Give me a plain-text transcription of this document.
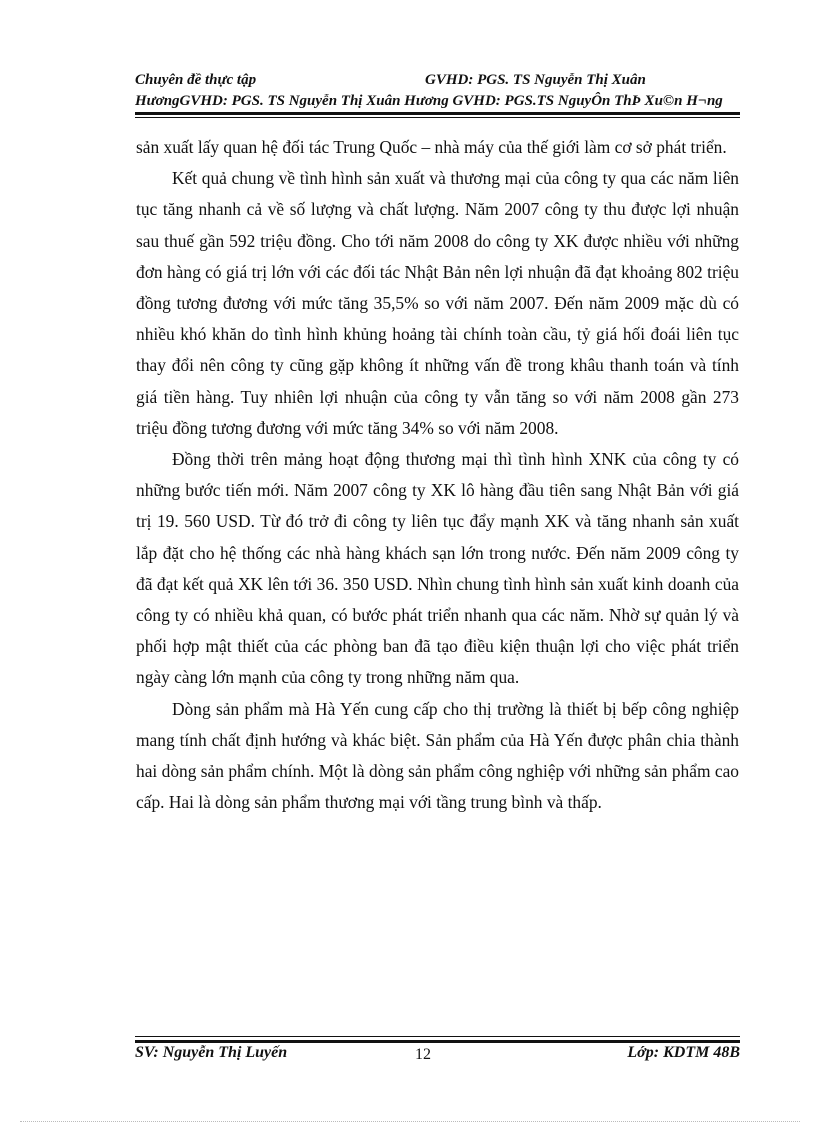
Chuyên đề thực tập	GVHD: PGS. TS Nguyễn Thị Xuân
HươngGVHD: PGS. TS Nguyễn Thị Xuân Hương GVHD: PGS.TS NguyÔn ThÞ Xu©n H¬ng

sản xuất lấy quan hệ đối tác Trung Quốc – nhà máy của thế giới làm cơ sở phát triển.

Kết quả chung về tình hình sản xuất và thương mại của công ty qua các năm liên tục tăng nhanh cả về số lượng và chất lượng. Năm 2007 công ty thu được lợi nhuận sau thuế gần 592 triệu đồng. Cho tới năm 2008 do công ty XK được nhiều với những đơn hàng có giá trị lớn với các đối tác Nhật Bản nên lợi nhuận đã đạt khoảng 802 triệu đồng tương đương với mức tăng 35,5% so với năm 2007. Đến năm 2009 mặc dù có nhiều khó khăn do tình hình khủng hoảng tài chính toàn cầu, tỷ giá hối đoái liên tục thay đổi nên công ty cũng gặp không ít những vấn đề trong khâu thanh toán và tính giá tiền hàng. Tuy nhiên lợi nhuận của công ty vẫn tăng so với năm 2008 gần 273 triệu đồng tương đương với mức tăng 34% so với năm 2008.

Đồng thời trên mảng hoạt động thương mại thì tình hình XNK của công ty có những bước tiến mới. Năm 2007 công ty XK lô hàng đầu tiên sang Nhật Bản với giá trị 19. 560 USD. Từ đó trở đi công ty liên tục đẩy mạnh XK và tăng nhanh sản xuất lắp đặt cho hệ thống các nhà hàng khách sạn lớn trong nước. Đến năm 2009 công ty đã đạt kết quả XK lên tới 36. 350 USD. Nhìn chung tình hình sản xuất kinh doanh của công ty có nhiều khả quan, có bước phát triển nhanh qua các năm. Nhờ sự quản lý và phối hợp mật thiết của các phòng ban đã tạo điều kiện thuận lợi cho việc phát triển ngày càng lớn mạnh của công ty trong những năm qua.

Dòng sản phẩm mà Hà Yến cung cấp cho thị trường là thiết bị bếp công nghiệp mang tính chất định hướng và khác biệt. Sản phẩm của Hà Yến được phân chia thành hai dòng sản phẩm chính. Một là dòng sản phẩm công nghiệp với những sản phẩm cao cấp. Hai là dòng sản phẩm thương mại với tầng trung bình và thấp.

SV: Nguyễn Thị Luyến	12	Lớp: KDTM 48B
